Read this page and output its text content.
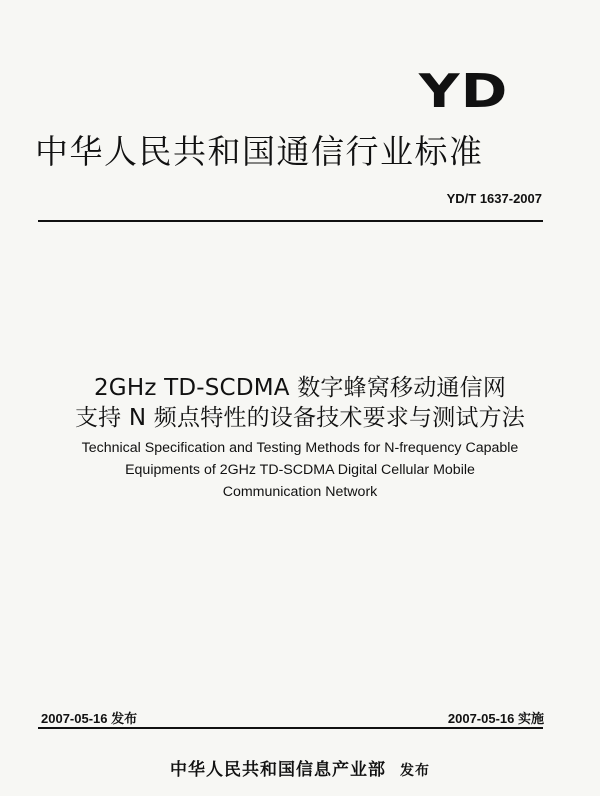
YD
中华人民共和国通信行业标准
YD/T 1637-2007
2GHz TD-SCDMA 数字蜂窝移动通信网
支持 N 频点特性的设备技术要求与测试方法
Technical Specification and Testing Methods for N-frequency Capable
Equipments of 2GHz TD-SCDMA Digital Cellular Mobile
Communication Network
2007-05-16 发布	2007-05-16 实施
中华人民共和国信息产业部 发布
